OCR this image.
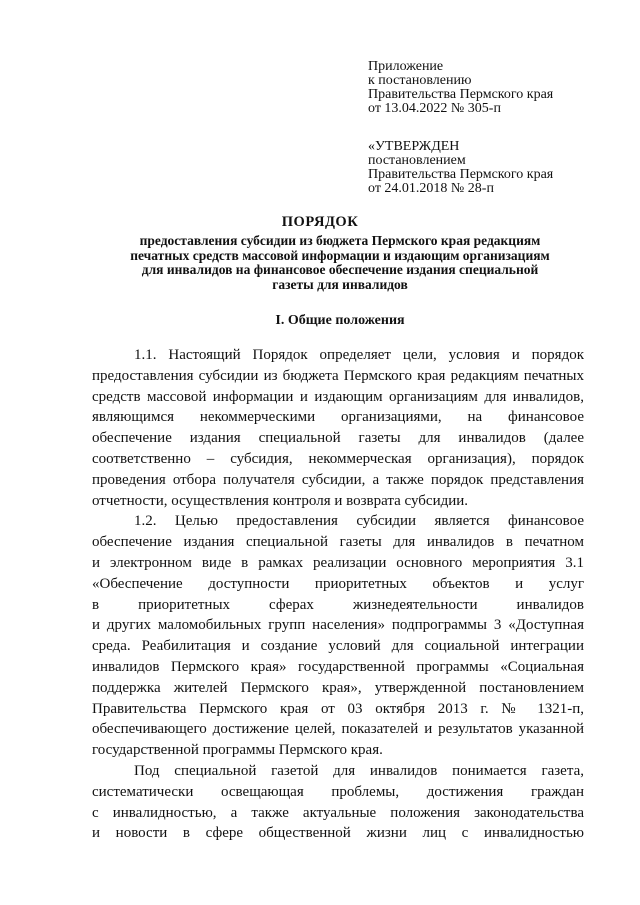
Приложение
к постановлению
Правительства Пермского края
от 13.04.2022 № 305-п
«УТВЕРЖДЕН
постановлением
Правительства Пермского края
от 24.01.2018 № 28-п
ПОРЯДОК
предоставления субсидии из бюджета Пермского края редакциям
печатных средств массовой информации и издающим организациям
для инвалидов на финансовое обеспечение издания специальной
газеты для инвалидов
I. Общие положения
1.1. Настоящий Порядок определяет цели, условия и порядок
предоставления субсидии из бюджета Пермского края редакциям печатных
средств массовой информации и издающим организациям для инвалидов,
являющимся некоммерческими организациями, на финансовое
обеспечение издания специальной газеты для инвалидов (далее
соответственно – субсидия, некоммерческая организация), порядок
проведения отбора получателя субсидии, а также порядок представления
отчетности, осуществления контроля и возврата субсидии.
1.2. Целью предоставления субсидии является финансовое
обеспечение издания специальной газеты для инвалидов в печатном
и электронном виде в рамках реализации основного мероприятия 3.1
«Обеспечение доступности приоритетных объектов и услуг
в приоритетных сферах жизнедеятельности инвалидов
и других маломобильных групп населения» подпрограммы 3 «Доступная
среда. Реабилитация и создание условий для социальной интеграции
инвалидов Пермского края» государственной программы «Социальная
поддержка жителей Пермского края», утвержденной постановлением
Правительства Пермского края от 03 октября 2013 г. № 1321-п,
обеспечивающего достижение целей, показателей и результатов указанной
государственной программы Пермского края.
Под специальной газетой для инвалидов понимается газета,
систематически освещающая проблемы, достижения граждан
с инвалидностью, а также актуальные положения законодательства
и новости в сфере общественной жизни лиц с инвалидностью
